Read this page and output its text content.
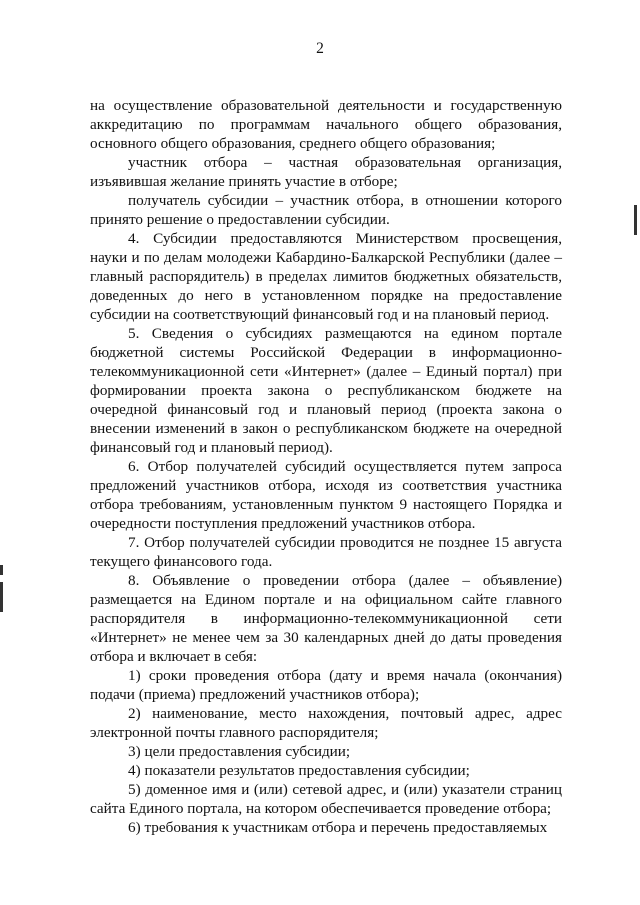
2

на осуществление образовательной деятельности и государственную аккредитацию по программам начального общего образования, основного общего образования, среднего общего образования;

участник отбора – частная образовательная организация, изъявившая желание принять участие в отборе;

получатель субсидии – участник отбора, в отношении которого принято решение о предоставлении субсидии.

4. Субсидии предоставляются Министерством просвещения, науки и по делам молодежи Кабардино-Балкарской Республики (далее – главный распорядитель) в пределах лимитов бюджетных обязательств, доведенных до него в установленном порядке на предоставление субсидии на соответствующий финансовый год и на плановый период.

5. Сведения о субсидиях размещаются на едином портале бюджетной системы Российской Федерации в информационно-телекоммуникационной сети «Интернет» (далее – Единый портал) при формировании проекта закона о республиканском бюджете на очередной финансовый год и плановый период (проекта закона о внесении изменений в закон о республиканском бюджете на очередной финансовый год и плановый период).

6. Отбор получателей субсидий осуществляется путем запроса предложений участников отбора, исходя из соответствия участника отбора требованиям, установленным пунктом 9 настоящего Порядка и очередности поступления предложений участников отбора.

7. Отбор получателей субсидии проводится не позднее 15 августа текущего финансового года.

8. Объявление о проведении отбора (далее – объявление) размещается на Едином портале и на официальном сайте главного распорядителя в информационно-телекоммуникационной сети «Интернет» не менее чем за 30 календарных дней до даты проведения отбора и включает в себя:

1) сроки проведения отбора (дату и время начала (окончания) подачи (приема) предложений участников отбора);

2) наименование, место нахождения, почтовый адрес, адрес электронной почты главного распорядителя;

3) цели предоставления субсидии;

4) показатели результатов предоставления субсидии;

5) доменное имя и (или) сетевой адрес, и (или) указатели страниц сайта Единого портала, на котором обеспечивается проведение отбора;

6) требования к участникам отбора и перечень предоставляемых
